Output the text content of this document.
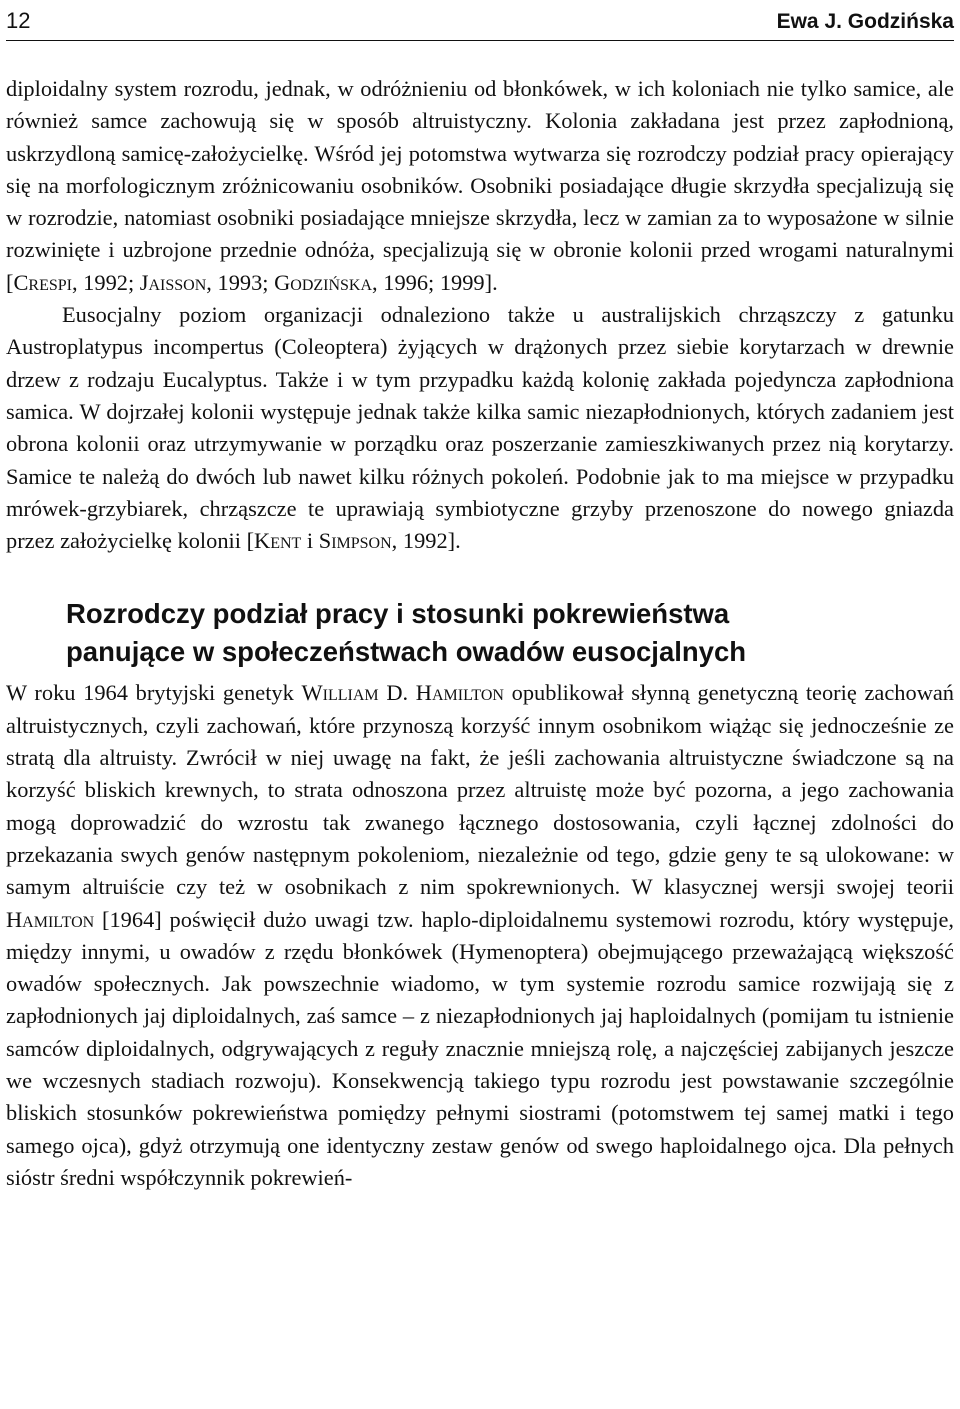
12	Ewa J. Godzińska

diploidalny system rozrodu, jednak, w odróżnieniu od błonkówek, w ich koloniach nie tylko samice, ale również samce zachowują się w sposób altruistyczny. Kolonia zakładana jest przez zapłodnioną, uskrzydloną samicę-założycielkę. Wśród jej potomstwa wytwarza się rozrodczy podział pracy opierający się na morfologicznym zróżnicowaniu osobników. Osobniki posiadające długie skrzydła specjalizują się w rozrodzie, natomiast osobniki posiadające mniejsze skrzydła, lecz w zamian za to wyposażone w silnie rozwinięte i uzbrojone przednie odnóża, specjalizują się w obronie kolonii przed wrogami naturalnymi [Crespi, 1992; Jaisson, 1993; Godzińska, 1996; 1999].

Eusocjalny poziom organizacji odnaleziono także u australijskich chrząszczy z gatunku Austroplatypus incompertus (Coleoptera) żyjących w drążonych przez siebie korytarzach w drewnie drzew z rodzaju Eucalyptus. Także i w tym przypadku każdą kolonię zakłada pojedyncza zapłodniona samica. W dojrzałej kolonii występuje jednak także kilka samic niezapłodnionych, których zadaniem jest obrona kolonii oraz utrzymywanie w porządku oraz poszerzanie zamieszkiwanych przez nią korytarzy. Samice te należą do dwóch lub nawet kilku różnych pokoleń. Podobnie jak to ma miejsce w przypadku mrówek-grzybiarek, chrząszcze te uprawiają symbiotyczne grzyby przenoszone do nowego gniazda przez założycielkę kolonii [Kent i Simpson, 1992].

Rozrodczy podział pracy i stosunki pokrewieństwa
panujące w społeczeństwach owadów eusocjalnych

W roku 1964 brytyjski genetyk William D. Hamilton opublikował słynną genetyczną teorię zachowań altruistycznych, czyli zachowań, które przynoszą korzyść innym osobnikom wiążąc się jednocześnie ze stratą dla altruisty. Zwrócił w niej uwagę na fakt, że jeśli zachowania altruistyczne świadczone są na korzyść bliskich krewnych, to strata odnoszona przez altruistę może być pozorna, a jego zachowania mogą doprowadzić do wzrostu tak zwanego łącznego dostosowania, czyli łącznej zdolności do przekazania swych genów następnym pokoleniom, niezależnie od tego, gdzie geny te są ulokowane: w samym altruiście czy też w osobnikach z nim spokrewnionych. W klasycznej wersji swojej teorii Hamilton [1964] poświęcił dużo uwagi tzw. haplo-diploidalnemu systemowi rozrodu, który występuje, między innymi, u owadów z rzędu błonkówek (Hymenoptera) obejmującego przeważającą większość owadów społecznych. Jak powszechnie wiadomo, w tym systemie rozrodu samice rozwijają się z zapłodnionych jaj diploidalnych, zaś samce – z niezapłodnionych jaj haploidalnych (pomijam tu istnienie samców diploidalnych, odgrywających z reguły znacznie mniejszą rolę, a najczęściej zabijanych jeszcze we wczesnych stadiach rozwoju). Konsekwencją takiego typu rozrodu jest powstawanie szczególnie bliskich stosunków pokrewieństwa pomiędzy pełnymi siostrami (potomstwem tej samej matki i tego samego ojca), gdyż otrzymują one identyczny zestaw genów od swego haploidalnego ojca. Dla pełnych sióstr średni współczynnik pokrewień-
